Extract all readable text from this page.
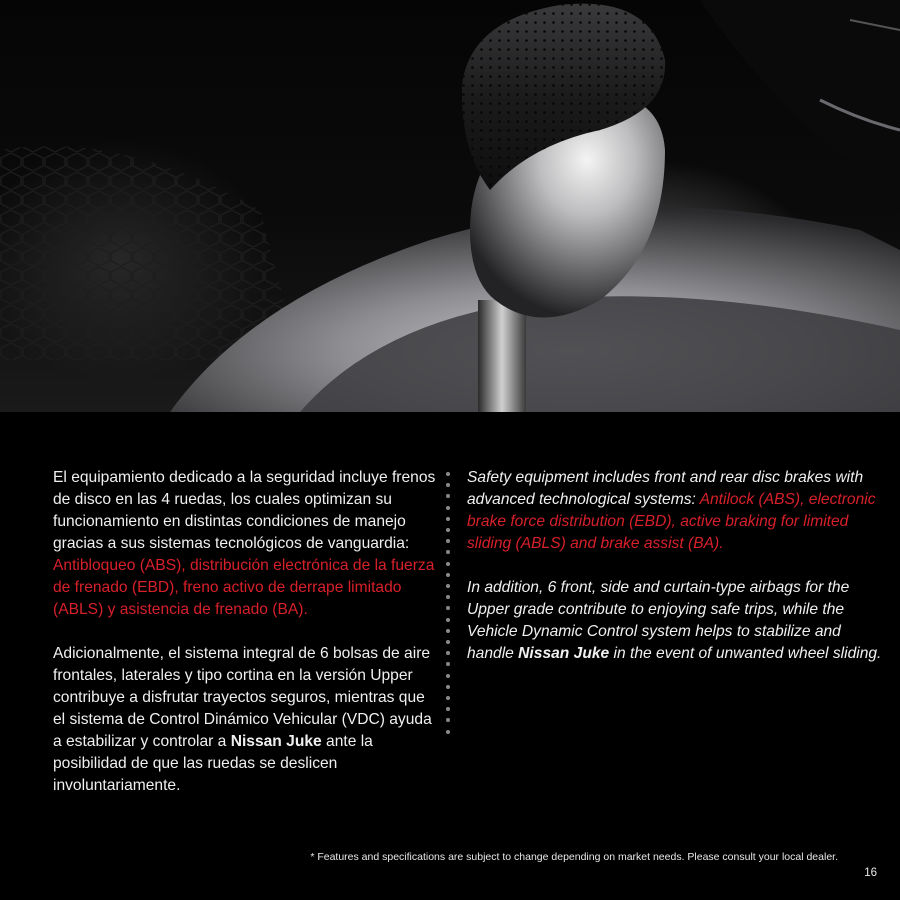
El equipamiento dedicado a la seguridad incluye frenos de disco en las 4 ruedas, los cuales optimizan su funcionamiento en distintas condiciones de manejo gracias a sus sistemas tecnológicos de vanguardia: Antibloqueo (ABS), distribución electrónica de la fuerza de frenado (EBD), freno activo de derrape limitado (ABLS) y asistencia de frenado (BA).

Adicionalmente, el sistema integral de 6 bolsas de aire frontales, laterales y tipo cortina en la versión Upper contribuye a disfrutar trayectos seguros, mientras que el sistema de Control Dinámico Vehicular (VDC) ayuda a estabilizar y controlar a Nissan Juke ante la posibilidad de que las ruedas se deslicen involuntariamente.

Safety equipment includes front and rear disc brakes with advanced technological systems: Antilock (ABS), electronic brake force distribution (EBD), active braking for limited sliding (ABLS) and brake assist (BA).

In addition, 6 front, side and curtain-type airbags for the Upper grade contribute to enjoying safe trips, while the Vehicle Dynamic Control system helps to stabilize and handle Nissan Juke in the event of unwanted wheel sliding.

* Features and specifications are subject to change depending on market needs. Please consult your local dealer.
16
